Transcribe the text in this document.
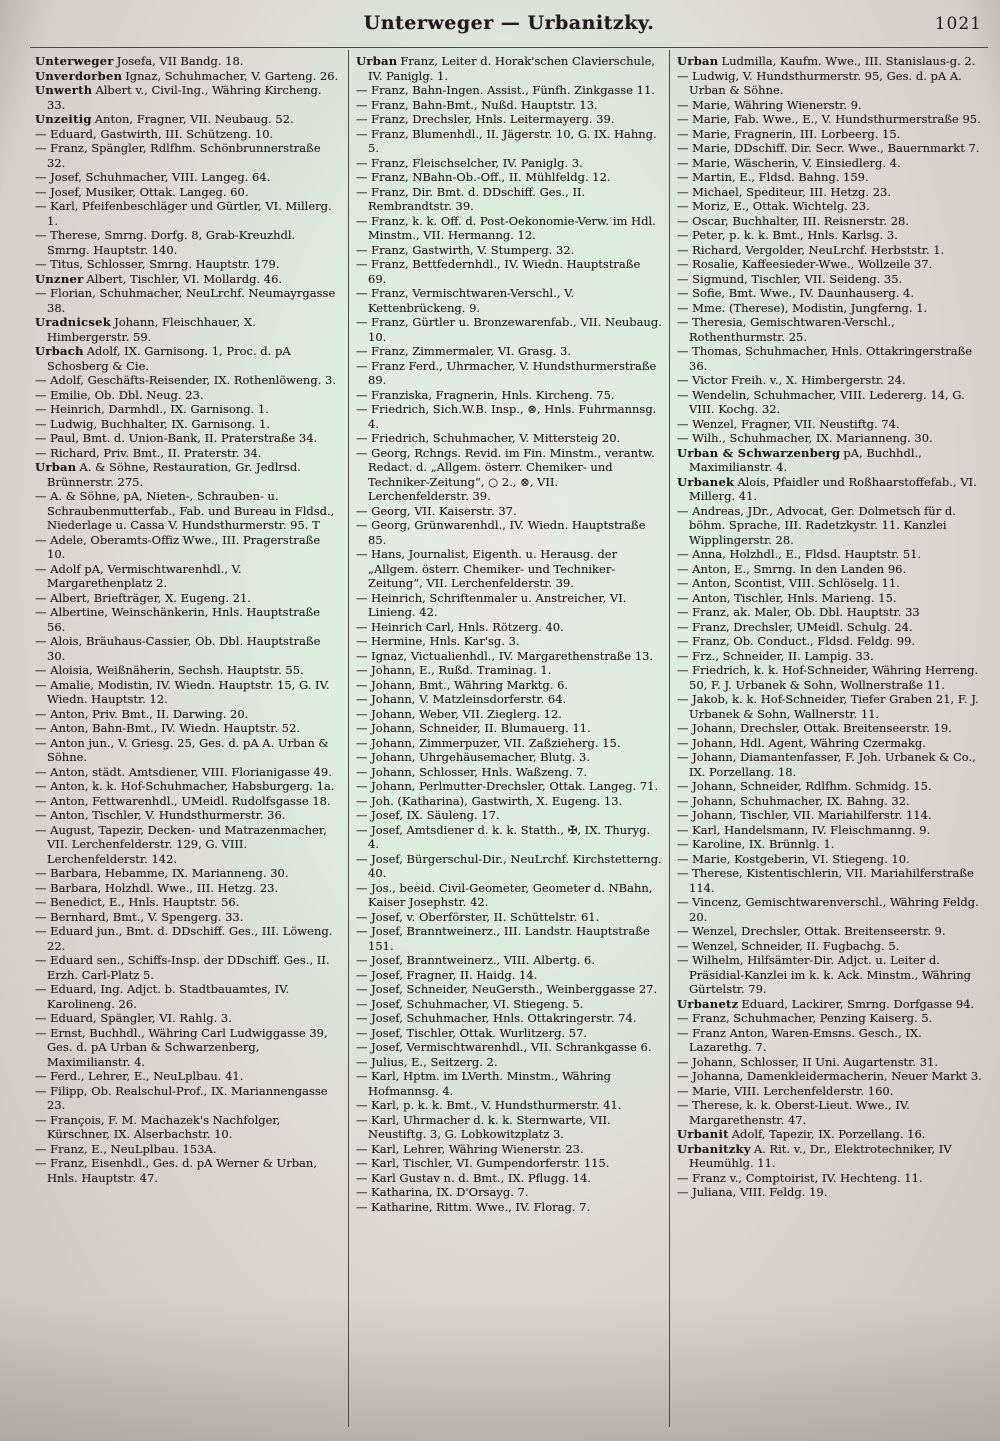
Unterweger — Urbanitzky.	1021
Unterweger Josefa, VII Bandg. 18.
Unverdorben Ignaz, Schuhmacher, V. Garteng. 26.
Unwerth Albert v., Civil-Ing., Währing Kircheng. 33.
Unzeitig Anton, Fragner, VII. Neubaug. 52.
— Eduard, Gastwirth, III. Schützeng. 10.
— Franz, Spängler, Rdlfhm. Schönbrunnerstraße 32.
— Josef, Schuhmacher, VIII. Langeg. 64.
— Josef, Musiker, Ottak. Langeg. 60.
— Karl, Pfeifenbeschläger und Gürtler, VI. Millerg. 1.
— Therese, Smrng. Dorfg. 8, Grab-Kreuzhdl. Smrng. Hauptstr. 140.
— Titus, Schlosser, Smrng. Hauptstr. 179.
Unzner Albert, Tischler, VI. Mollardg. 46.
— Florian, Schuhmacher, NeuLrchf. Neumayrgasse 38.
Uradnicsek Johann, Fleischhauer, X. Himbergerstr. 59.
Urbach Adolf, IX. Garnisong. 1, Proc. d. pA Schosberg & Cie.
— Adolf, Geschäfts-Reisender, IX. Rothenlöweng. 3.
— Emilie, Ob. Dbl. Neug. 23.
— Heinrich, Darmhdl., IX. Garnisong. 1.
— Ludwig, Buchhalter, IX. Garnisong. 1.
— Paul, Bmt. d. Union-Bank, II. Praterstraße 34.
— Richard, Priv. Bmt., II. Praterstr. 34.
Urban A. & Söhne, Restauration, Gr. Jedlrsd. Brünnerstr. 275.
— A. & Söhne, pA, Nieten-, Schrauben- u. Schraubenmutterfab., Fab. und Bureau in Fldsd., Niederlage u. Cassa V. Hundsthurmerstr. 95. T
— Adele, Oberamts-Offiz Wwe., III. Pragerstraße 10.
— Adolf pA, Vermischtwarenhdl., V. Margarethenplatz 2.
— Albert, Briefträger, X. Eugeng. 21.
— Albertine, Weinschänkerin, Hnls. Hauptstraße 56.
— Alois, Bräuhaus-Cassier, Ob. Dbl. Hauptstraße 30.
— Aloisia, Weißnäherin, Sechsh. Hauptstr. 55.
— Amalie, Modistin, IV. Wiedn. Hauptstr. 15, G. IV. Wiedn. Hauptstr. 12.
— Anton, Priv. Bmt., II. Darwing. 20.
— Anton, Bahn-Bmt., IV. Wiedn. Hauptstr. 52.
— Anton jun., V. Griesg. 25, Ges. d. pA A. Urban & Söhne.
— Anton, städt. Amtsdiener, VIII. Florianigasse 49.
— Anton, k. k. Hof-Schuhmacher, Habsburgerg. 1a.
— Anton, Fettwarenhdl., UMeidl. Rudolfsgasse 18.
— Anton, Tischler, V. Hundsthurmerstr. 36.
— August, Tapezir, Decken- und Matrazenmacher, VII. Lerchenfelderstr. 129, G. VIII. Lerchenfelderstr. 142.
— Barbara, Hebamme, IX. Marianneng. 30.
— Barbara, Holzhdl. Wwe., III. Hetzg. 23.
— Benedict, E., Hnls. Hauptstr. 56.
— Bernhard, Bmt., V. Spengerg. 33.
— Eduard jun., Bmt. d. DDschiff. Ges., III. Löweng. 22.
— Eduard sen., Schiffs-Insp. der DDschiff. Ges., II. Erzh. Carl-Platz 5.
— Eduard, Ing. Adjct. b. Stadtbauamtes, IV. Karolineng. 26.
— Eduard, Spängler, VI. Rahlg. 3.
— Ernst, Buchhdl., Währing Carl Ludwiggasse 39, Ges. d. pA Urban & Schwarzenberg, Maximilianstr. 4.
— Ferd., Lehrer, E., NeuLplbau. 41.
— Filipp, Ob. Realschul-Prof., IX. Mariannengasse 23.
— François, F. M. Machazek's Nachfolger, Kürschner, IX. Alserbachstr. 10.
— Franz, E., NeuLplbau. 153A.
— Franz, Eisenhdl., Ges. d. pA Werner & Urban, Hnls. Hauptstr. 47.
Urban Franz, Leiter d. Horak'schen Clavierschule, IV. Paniglg. 1.
— Franz, Bahn-Ingen. Assist., Fünfh. Zinkgasse 11.
— Franz, Bahn-Bmt., Nußd. Hauptstr. 13.
— Franz, Drechsler, Hnls. Leitermayerg. 39.
— Franz, Blumenhdl., II. Jägerstr. 10, G. IX. Hahng. 5.
— Franz, Fleischselcher, IV. Paniglg. 3.
— Franz, NBahn-Ob.-Off., II. Mühlfeldg. 12.
— Franz, Dir. Bmt. d. DDschiff. Ges., II. Rembrandtstr. 39.
— Franz, k. k. Off. d. Post-Oekonomie-Verw. im Hdl. Minstm., VII. Hermanng. 12.
— Franz, Gastwirth, V. Stumperg. 32.
— Franz, Bettfedernhdl., IV. Wiedn. Hauptstraße 69.
— Franz, Vermischtwaren-Verschl., V. Kettenbrückeng. 9.
— Franz, Gürtler u. Bronzewarenfab., VII. Neubaug. 10.
— Franz, Zimmermaler, VI. Grasg. 3.
— Franz Ferd., Uhrmacher, V. Hundsthurmerstraße 89.
— Franziska, Fragnerin, Hnls. Kircheng. 75.
— Friedrich, Sich.W.B. Insp., ⊗, Hnls. Fuhrmannsg. 4.
— Friedrich, Schuhmacher, V. Mittersteig 20.
— Georg, Rchngs. Revid. im Fin. Minstm., verantw. Redact. d. „Allgem. österr. Chemiker- und Techniker-Zeitung“, ○ 2., ⊗, VII. Lerchenfelderstr. 39.
— Georg, VII. Kaiserstr. 37.
— Georg, Grünwarenhdl., IV. Wiedn. Hauptstraße 85.
— Hans, Journalist, Eigenth. u. Herausg. der „Allgem. österr. Chemiker- und Techniker-Zeitung“, VII. Lerchenfelderstr. 39.
— Heinrich, Schriftenmaler u. Anstreicher, VI. Linieng. 42.
— Heinrich Carl, Hnls. Rötzerg. 40.
— Hermine, Hnls. Kar'sg. 3.
— Ignaz, Victualienhdl., IV. Margarethenstraße 13.
— Johann, E., Rußd. Traminag. 1.
— Johann, Bmt., Währing Marktg. 6.
— Johann, V. Matzleinsdorferstr. 64.
— Johann, Weber, VII. Zieglerg. 12.
— Johann, Schneider, II. Blumauerg. 11.
— Johann, Zimmerpuzer, VII. Zaßzieherg. 15.
— Johann, Uhrgehäusemacher, Blutg. 3.
— Johann, Schlosser, Hnls. Waßzeng. 7.
— Johann, Perlmutter-Drechsler, Ottak. Langeg. 71.
— Joh. (Katharina), Gastwirth, X. Eugeng. 13.
— Josef, IX. Säuleng. 17.
— Josef, Amtsdiener d. k. k. Statth., ✠, IX. Thuryg. 4.
— Josef, Bürgerschul-Dir., NeuLrchf. Kirchstetterng. 40.
— Jos., beeid. Civil-Geometer, Geometer d. NBahn, Kaiser Josephstr. 42.
— Josef, v. Oberförster, II. Schüttelstr. 61.
— Josef, Branntweinerz., III. Landstr. Hauptstraße 151.
— Josef, Branntweinerz., VIII. Albertg. 6.
— Josef, Fragner, II. Haidg. 14.
— Josef, Schneider, NeuGersth., Weinberggasse 27.
— Josef, Schuhmacher, VI. Stiegeng. 5.
— Josef, Schuhmacher, Hnls. Ottakringerstr. 74.
— Josef, Tischler, Ottak. Wurlitzerg. 57.
— Josef, Vermischtwarenhdl., VII. Schrankgasse 6.
— Julius, E., Seitzerg. 2.
— Karl, Hptm. im LVerth. Minstm., Währing Hofmannsg. 4.
— Karl, p. k. k. Bmt., V. Hundsthurmerstr. 41.
— Karl, Uhrmacher d. k. k. Sternwarte, VII. Neustiftg. 3, G. Lobkowitzplatz 3.
— Karl, Lehrer, Währing Wienerstr. 23.
— Karl, Tischler, VI. Gumpendorferstr. 115.
— Karl Gustav n. d. Bmt., IX. Pflugg. 14.
— Katharina, IX. D'Orsayg. 7.
— Katharine, Rittm. Wwe., IV. Florag. 7.
Urban Ludmilla, Kaufm. Wwe., III. Stanislaus-g. 2.
— Ludwig, V. Hundsthurmerstr. 95, Ges. d. pA A. Urban & Söhne.
— Marie, Währing Wienerstr. 9.
— Marie, Fab. Wwe., E., V. Hundsthurmerstraße 95.
— Marie, Fragnerin, III. Lorbeerg. 15.
— Marie, DDschiff. Dir. Secr. Wwe., Bauernmarkt 7.
— Marie, Wäscherin, V. Einsiedlerg. 4.
— Martin, E., Fldsd. Bahng. 159.
— Michael, Spediteur, III. Hetzg. 23.
— Moriz, E., Ottak. Wichtelg. 23.
— Oscar, Buchhalter, III. Reisnerstr. 28.
— Peter, p. k. k. Bmt., Hnls. Karlsg. 3.
— Richard, Vergolder, NeuLrchf. Herbststr. 1.
— Rosalie, Kaffeesieder-Wwe., Wollzeile 37.
— Sigmund, Tischler, VII. Seideng. 35.
— Sofie, Bmt. Wwe., IV. Daunhauserg. 4.
— Mme. (Therese), Modistin, Jungferng. 1.
— Theresia, Gemischtwaren-Verschl., Rothenthurmstr. 25.
— Thomas, Schuhmacher, Hnls. Ottakringerstraße 36.
— Victor Freih. v., X. Himbergerstr. 24.
— Wendelin, Schuhmacher, VIII. Ledererg. 14, G. VIII. Kochg. 32.
— Wenzel, Fragner, VII. Neustiftg. 74.
— Wilh., Schuhmacher, IX. Marianneng. 30.
Urban & Schwarzenberg pA, Buchhdl., Maximilianstr. 4.
Urbanek Alois, Pfaidler und Roßhaarstoffefab., VI. Millerg. 41.
— Andreas, JDr., Advocat, Ger. Dolmetsch für d. böhm. Sprache, III. Radetzkystr. 11. Kanzlei Wipplingerstr. 28.
— Anna, Holzhdl., E., Fldsd. Hauptstr. 51.
— Anton, E., Smrng. In den Landen 96.
— Anton, Scontist, VIII. Schlöselg. 11.
— Anton, Tischler, Hnls. Marieng. 15.
— Franz, ak. Maler, Ob. Dbl. Hauptstr. 33
— Franz, Drechsler, UMeidl. Schulg. 24.
— Franz, Ob. Conduct., Fldsd. Feldg. 99.
— Frz., Schneider, II. Lampig. 33.
— Friedrich, k. k. Hof-Schneider, Währing Herreng. 50, F. J. Urbanek & Sohn, Wollnerstraße 11.
— Jakob, k. k. Hof-Schneider, Tiefer Graben 21, F. J. Urbanek & Sohn, Wallnerstr. 11.
— Johann, Drechsler, Ottak. Breitenseerstr. 19.
— Johann, Hdl. Agent, Währing Czermakg.
— Johann, Diamantenfasser, F. Joh. Urbanek & Co., IX. Porzellang. 18.
— Johann, Schneider, Rdlfhm. Schmidg. 15.
— Johann, Schuhmacher, IX. Bahng. 32.
— Johann, Tischler, VII. Mariahilferstr. 114.
— Karl, Handelsmann, IV. Fleischmanng. 9.
— Karoline, IX. Brünnlg. 1.
— Marie, Kostgeberin, VI. Stiegeng. 10.
— Therese, Kistentischlerin, VII. Mariahilferstraße 114.
— Vincenz, Gemischtwarenverschl., Währing Feldg. 20.
— Wenzel, Drechsler, Ottak. Breitenseerstr. 9.
— Wenzel, Schneider, II. Fugbachg. 5.
— Wilhelm, Hilfsämter-Dir. Adjct. u. Leiter d. Präsidial-Kanzlei im k. k. Ack. Minstm., Währing Gürtelstr. 79.
Urbanetz Eduard, Lackirer, Smrng. Dorfgasse 94.
— Franz, Schuhmacher, Penzing Kaiserg. 5.
— Franz Anton, Waren-Emsns. Gesch., IX. Lazarethg. 7.
— Johann, Schlosser, II Uni. Augartenstr. 31.
— Johanna, Damenkleidermacherin, Neuer Markt 3.
— Marie, VIII. Lerchenfelderstr. 160.
— Therese, k. k. Oberst-Lieut. Wwe., IV. Margarethenstr. 47.
Urbanit Adolf, Tapezir, IX. Porzellang. 16.
Urbanitzky A. Rit. v., Dr., Elektrotechniker, IV Heumühlg. 11.
— Franz v., Comptoirist, IV. Hechteng. 11.
— Juliana, VIII. Feldg. 19.
